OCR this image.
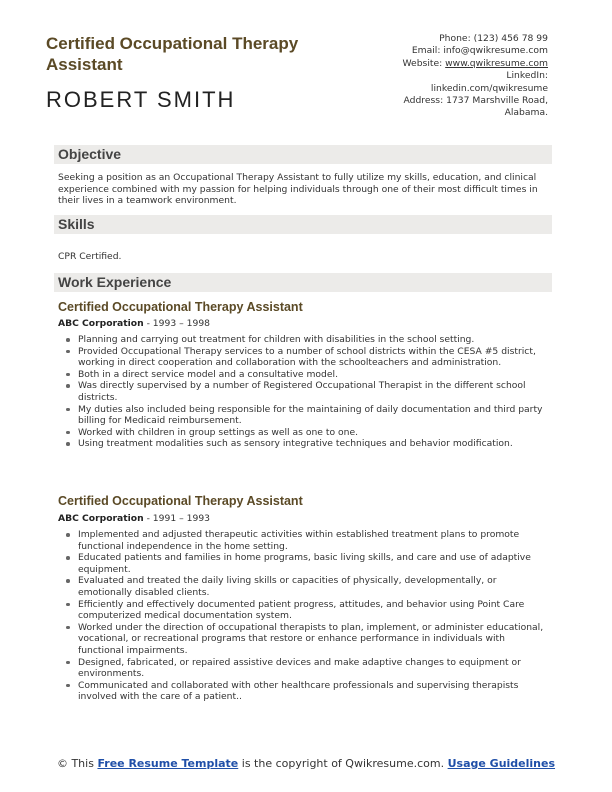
Certified Occupational Therapy Assistant
ROBERT SMITH
Phone: (123) 456 78 99
Email: info@qwikresume.com
Website: www.qwikresume.com
LinkedIn:
linkedin.com/qwikresume
Address: 1737 Marshville Road,
Alabama.
Objective
Seeking a position as an Occupational Therapy Assistant to fully utilize my skills, education, and clinical experience combined with my passion for helping individuals through one of their most difficult times in their lives in a teamwork environment.
Skills
CPR Certified.
Work Experience
Certified Occupational Therapy Assistant
ABC Corporation - 1993 – 1998
Planning and carrying out treatment for children with disabilities in the school setting.
Provided Occupational Therapy services to a number of school districts within the CESA #5 district, working in direct cooperation and collaboration with the schoolteachers and administration.
Both in a direct service model and a consultative model.
Was directly supervised by a number of Registered Occupational Therapist in the different school districts.
My duties also included being responsible for the maintaining of daily documentation and third party billing for Medicaid reimbursement.
Worked with children in group settings as well as one to one.
Using treatment modalities such as sensory integrative techniques and behavior modification.
Certified Occupational Therapy Assistant
ABC Corporation - 1991 – 1993
Implemented and adjusted therapeutic activities within established treatment plans to promote functional independence in the home setting.
Educated patients and families in home programs, basic living skills, and care and use of adaptive equipment.
Evaluated and treated the daily living skills or capacities of physically, developmentally, or emotionally disabled clients.
Efficiently and effectively documented patient progress, attitudes, and behavior using Point Care computerized medical documentation system.
Worked under the direction of occupational therapists to plan, implement, or administer educational, vocational, or recreational programs that restore or enhance performance in individuals with functional impairments.
Designed, fabricated, or repaired assistive devices and make adaptive changes to equipment or environments.
Communicated and collaborated with other healthcare professionals and supervising therapists involved with the care of a patient..
© This Free Resume Template is the copyright of Qwikresume.com. Usage Guidelines
